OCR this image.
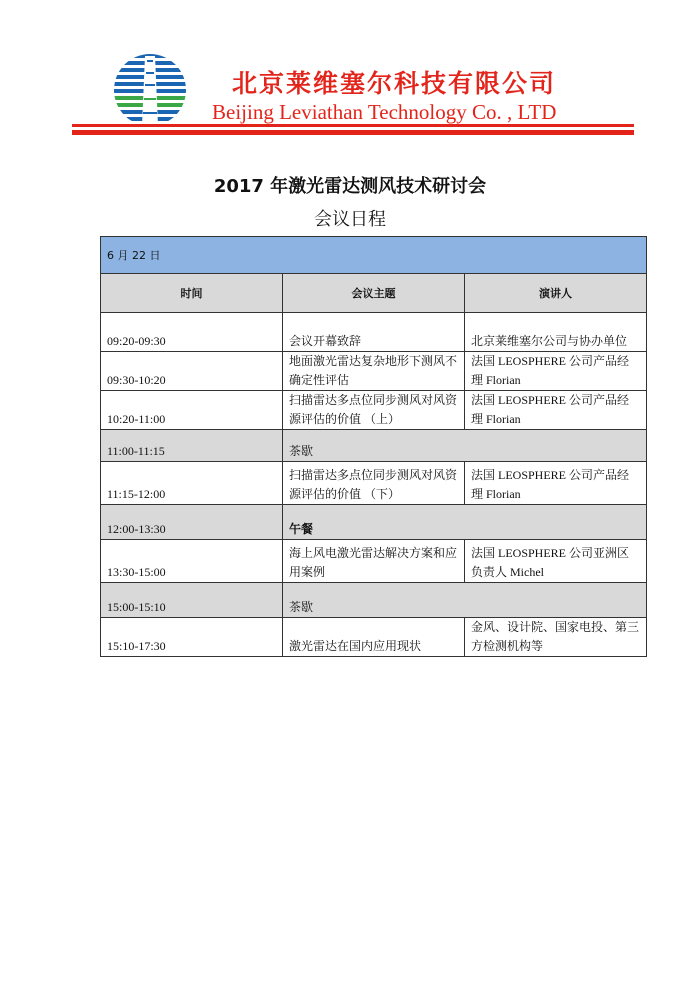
北京莱维塞尔科技有限公司
Beijing Leviathan Technology Co. , LTD
2017 年激光雷达测风技术研讨会
会议日程
6 月 22 日		
时间	会议主题	演讲人
09:20-09:30	会议开幕致辞	北京莱维塞尔公司与协办单位
09:30-10:20	地面激光雷达复杂地形下测风不确定性评估	法国 LEOSPHERE 公司产品经理 Florian
10:20-11:00	扫描雷达多点位同步测风对风资源评估的价值 （上）	法国 LEOSPHERE 公司产品经理 Florian
11:00-11:15	茶歇	
11:15-12:00	扫描雷达多点位同步测风对风资源评估的价值 （下）	法国 LEOSPHERE 公司产品经理 Florian
12:00-13:30	午餐	
13:30-15:00	海上风电激光雷达解决方案和应用案例	法国 LEOSPHERE 公司亚洲区负责人 Michel
15:00-15:10	茶歇	
15:10-17:30	激光雷达在国内应用现状	金风、设计院、国家电投、第三方检测机构等
